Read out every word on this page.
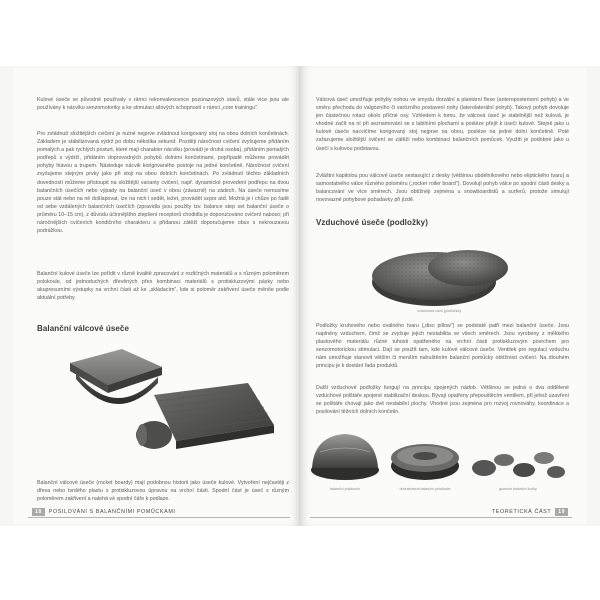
Kulové úseče se původně používaly v rámci rekonvalescence pozúrazových stavů, stále více jsou ale používány k nácviku senzomotoriky a ke stimulaci silových schopností v rámci „core trainingu".

Pro zvládnutí složitějších cvičení je nutné nejprve zvládnout korigovaný stoj na obou dolních končetinách. Základem je stabilizovaná výdrž po dobu několika sekund. Později náročnost cvičení zvyšujeme přidáním pomalých a pak rychlých posturt, které mají charakter nácviku (provádí je druhá osoba), přidáním pomalých podřepů s výdrží, přidáním doprovodných pohybů dolními končetinami, popřípadě můžeme provádět pohyby hlavou a trupem. Následuje nácvik korigovaného postoje na jedné končetině. Náročnost cvičení zvyšujeme stejným prvky jako při stoji na obou dolních končetinách. Po zvládnutí těchto základních dovedností můžeme přistoupit na složitější varianty cvičení, např. dynamické provedení podřepu na dvou balančních úsečích nebo výpady na balanční úseč v obou (závazně) na zádech. Na úseče nemusíme pouze stát nebo na ně došlapovat, lze na nich i sedět, ležet, provádět vzpor atd. Možná je i chůze po řadě od sebe vzdálených balančních úsečích (zpravidla jsou použity tzv. balance step set balanční úseče o průměru 10–15 cm), z důvodu účinnějšího zlepšení receptorů chodidla je doporučováno cvičení naboso; při náročnějších cvičeních kondičního charakteru s přidanou zátěží doporučujeme obuv s nekrouzavou podrážkou.

Balanční kulové úseče lze pořídit v různě kvalitě zpracování z rozličných materiálů a s různým poloměrem polokoule, od jednoduchých dřevěných přes kombinaci materiálů s protiskluzovými pásky nebo akupresurními výstupky na vrchní části až ke „skládacím", kde si poloměr zakřivení úseče měníte podle aktuální potřeby.

Balanční válcové úseče

Balanční válcové úseče (rocket boardy) mají podobnou historii jako úseče kulové. Vytvoření nejčastěji z dřeva nebo tvrdého plastu s protiskluzovou úpravou na vrchní části. Spodní část je úseč s různým poloměrem zakřivení a nalehá vé spodní čáře k podlaze.

18	POSILOVÁNÍ S BALANČNÍMI POMŮCKAMI

Válcová úseč umožňuje pohyby nohou ve smyslu dorzální a plantární flexe (anteroposteriorní pohyb) a ve směru přechodu do valgózního či varózního postavení nohy (laterolaterální pohyb). Takový pohyb dovoluje jen částečnou rotaci okolo příčné osy. Vzhledem k tomu, že válcová úseč je stabilnější než kulová, je vhodné začít na ní při seznamování se s labilními plochami a posléze přejít k úseči kulové. Stejně jako u kulové úseče nacvičíme korigovaný stoj nejprve na obou, posléze na jedné dolní končetině. Poté zařazujeme složitější cvičení se zátěží nebo kombinaci balančních pomůcek. Využití je podobné jako u úsečí s kulovou podstavou.

Zvláštní kapitolou pou válcové úseče sestavující z desky (většinou obdélníkového nebo eliptického tvaru) a samostatného válce různého poloměru („rocker roller board"). Dovolují pohyb válce po spodní části desky a balancování ve více směrech. Jsou obtížnéji zejména u snowboardistů a surferů, protože simulují novovazné pohybové požadavky při jízdě.

Vzduchové úseče (podložky)
vzduchová úseč (podložka)

Podložky kruhového nebo oválného tvaru („disc pillow") se podstatě patří mezi balanční úseče. Jsou naplněny vzduchem, čímž se zvyšuje jejich nestabilita ve všech směrech. Jsou vyrobeny z měkkého plastového materiálu různé tuhosti opatřeného na vrchní části protiskluzovým povrchem pro senzomotorickou stimulaci. Dají se použít tam, kde kulové válcové úseče. Ventilek pro regulaci vzduchu nám umožňuje stanovit větším či menším nahuštěním balanční pomůcky obtížnost cvičení. Na dlouhém principu je k dostání řada produktů.

Další vzduchové podložky fungují na principu spojených nádob. Většinou se jedná o dva oddělené vzduchové polštáře spojené stabilizační deskou. Bývají opatřeny přepouštěcím ventilem, při jehož uzavření se polštáře chovají jako dvě nestabilní plochy. Vhodné jsou zejména pro rozvoj rovnováhy, koordinace a posilování těžních dolních končetin.

balanční polokoule	oboustranná balanční polokoule	gumové balanční čočky
TEORETICKÁ ČÁST	19
